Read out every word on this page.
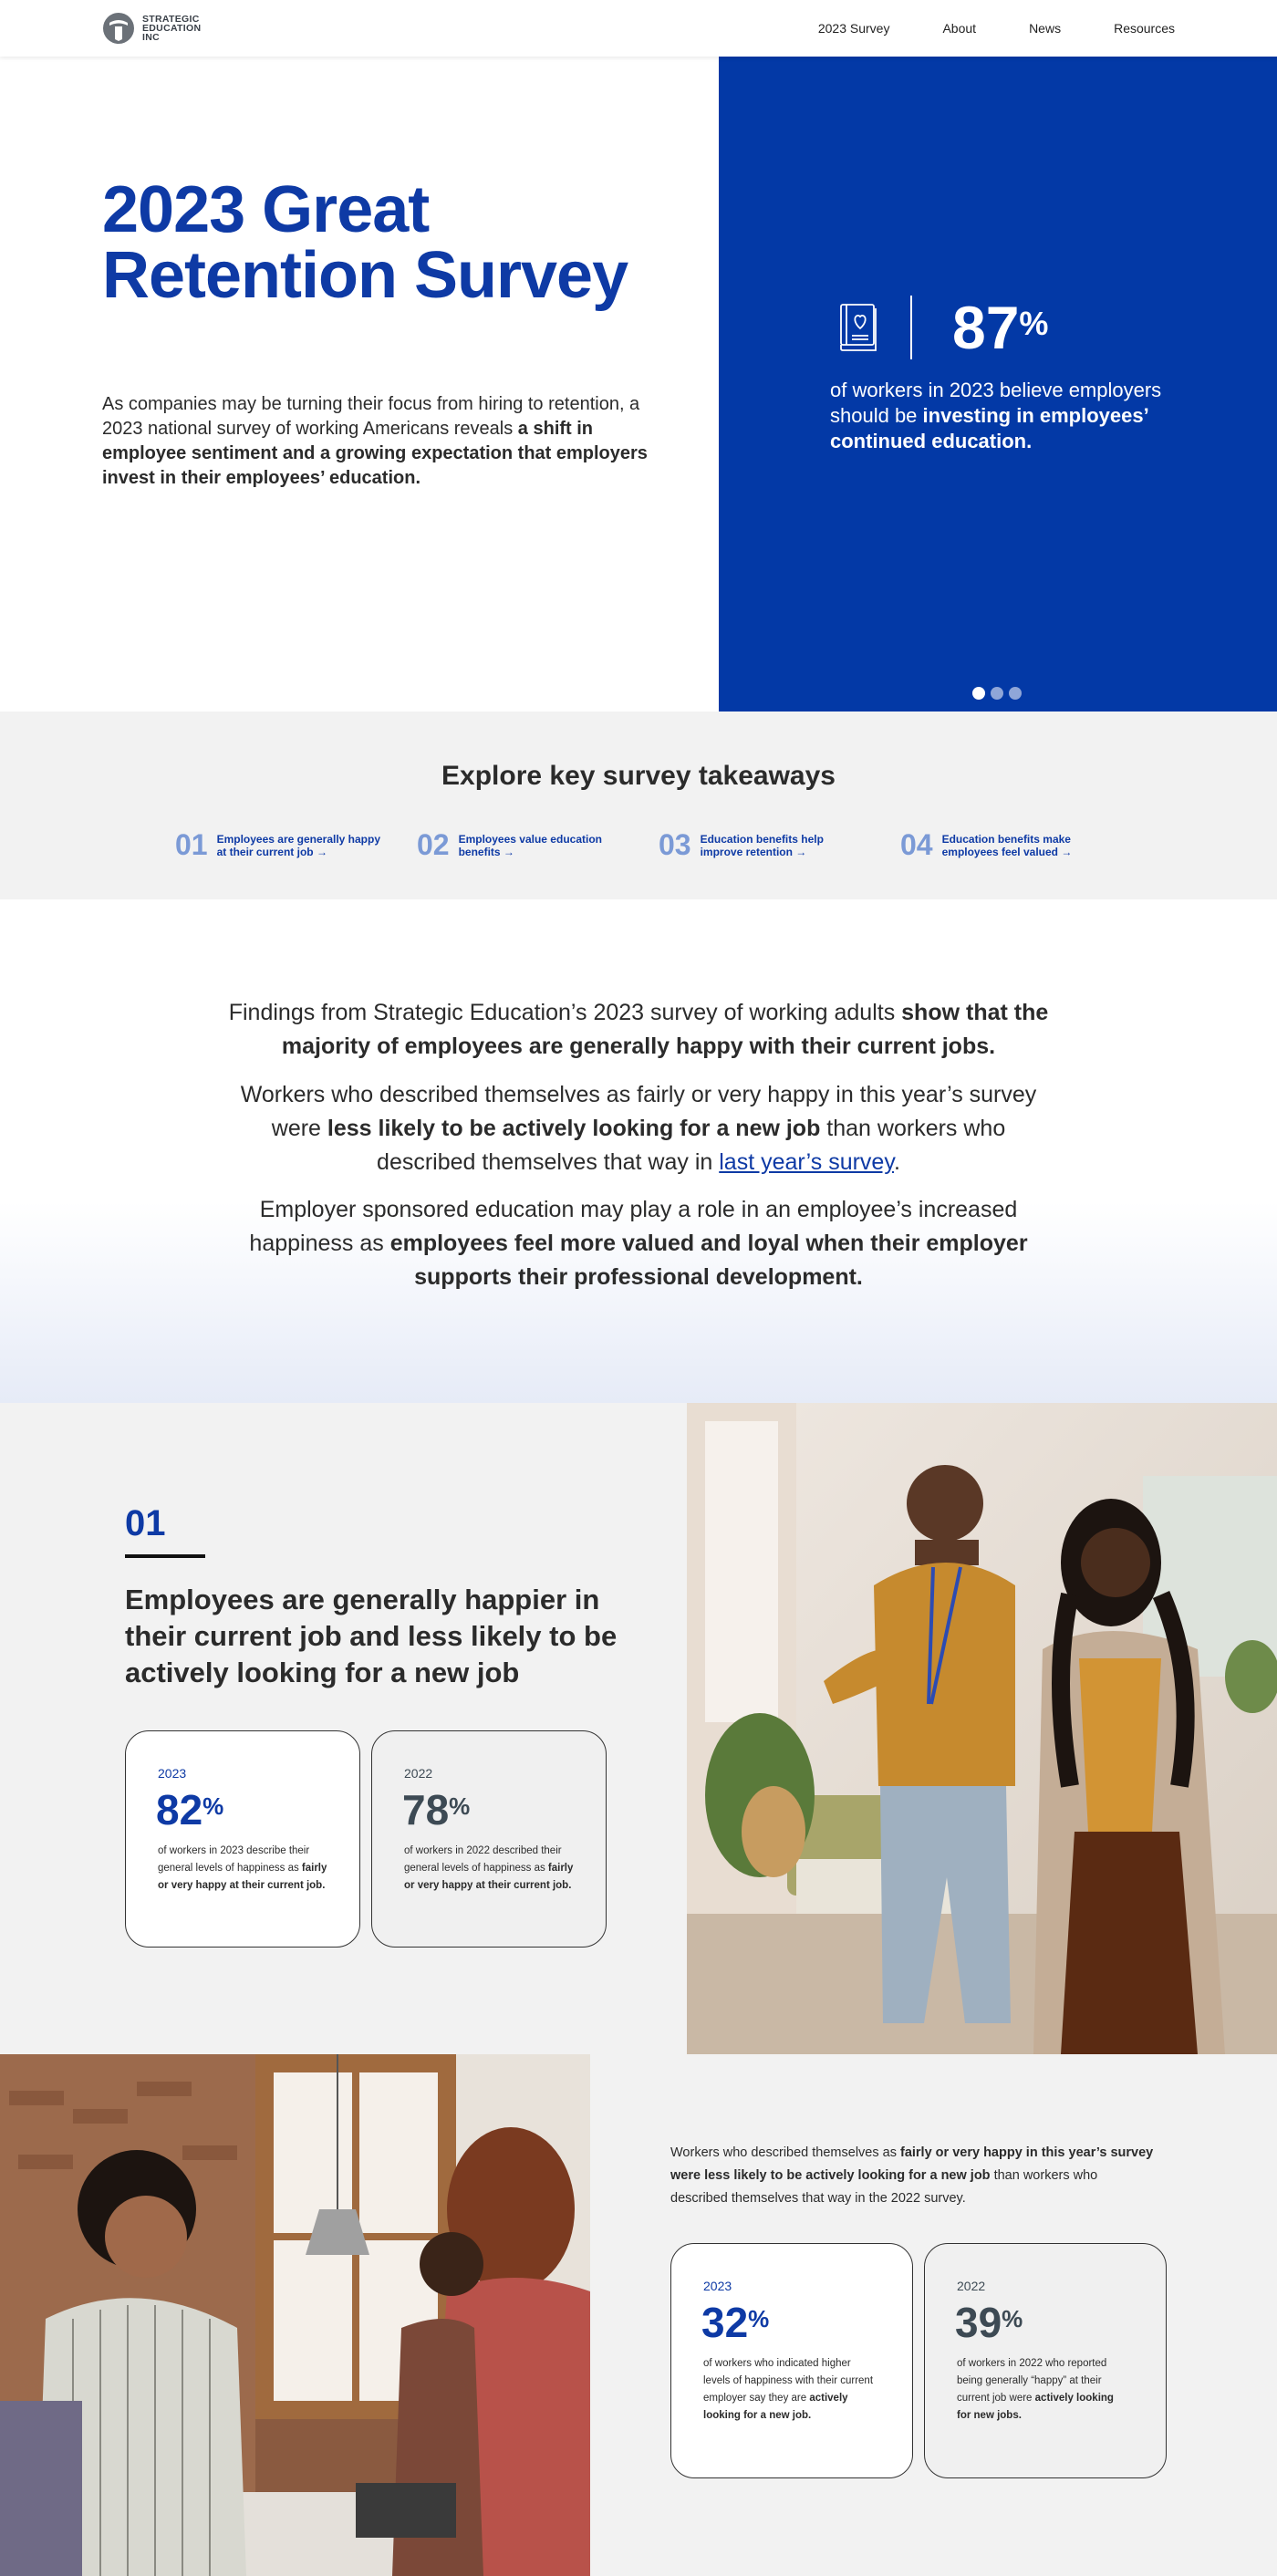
STRATEGIC
EDUCATION
INC
2023 Survey	About	News	Resources
2023 Great
Retention Survey

As companies may be turning their focus from hiring to retention, a 2023 national survey of working Americans reveals a shift in employee sentiment and a growing expectation that employers invest in their employees’ education.

87%

of workers in 2023 believe employers should be investing in employees’ continued education.

Explore key survey takeaways
01 Employees are generally happy at their current job →	02 Employees value education benefits →	03 Education benefits help improve retention →	04 Education benefits make employees feel valued →

Findings from Strategic Education’s 2023 survey of working adults show that the majority of employees are generally happy with their current jobs.

Workers who described themselves as fairly or very happy in this year’s survey were less likely to be actively looking for a new job than workers who described themselves that way in last year’s survey.

Employer sponsored education may play a role in an employee’s increased happiness as employees feel more valued and loyal when their employer supports their professional development.

01
Employees are generally happier in their current job and less likely to be actively looking for a new job
2023
82%
of workers in 2023 describe their general levels of happiness as fairly or very happy at their current job.
2022
78%
of workers in 2022 described their general levels of happiness as fairly or very happy at their current job.

Workers who described themselves as fairly or very happy in this year’s survey were less likely to be actively looking for a new job than workers who described themselves that way in the 2022 survey.

2023
32%
of workers who indicated higher levels of happiness with their current employer say they are actively looking for a new job.
2022
39%
of workers in 2022 who reported being generally “happy” at their current job were actively looking for new jobs.
